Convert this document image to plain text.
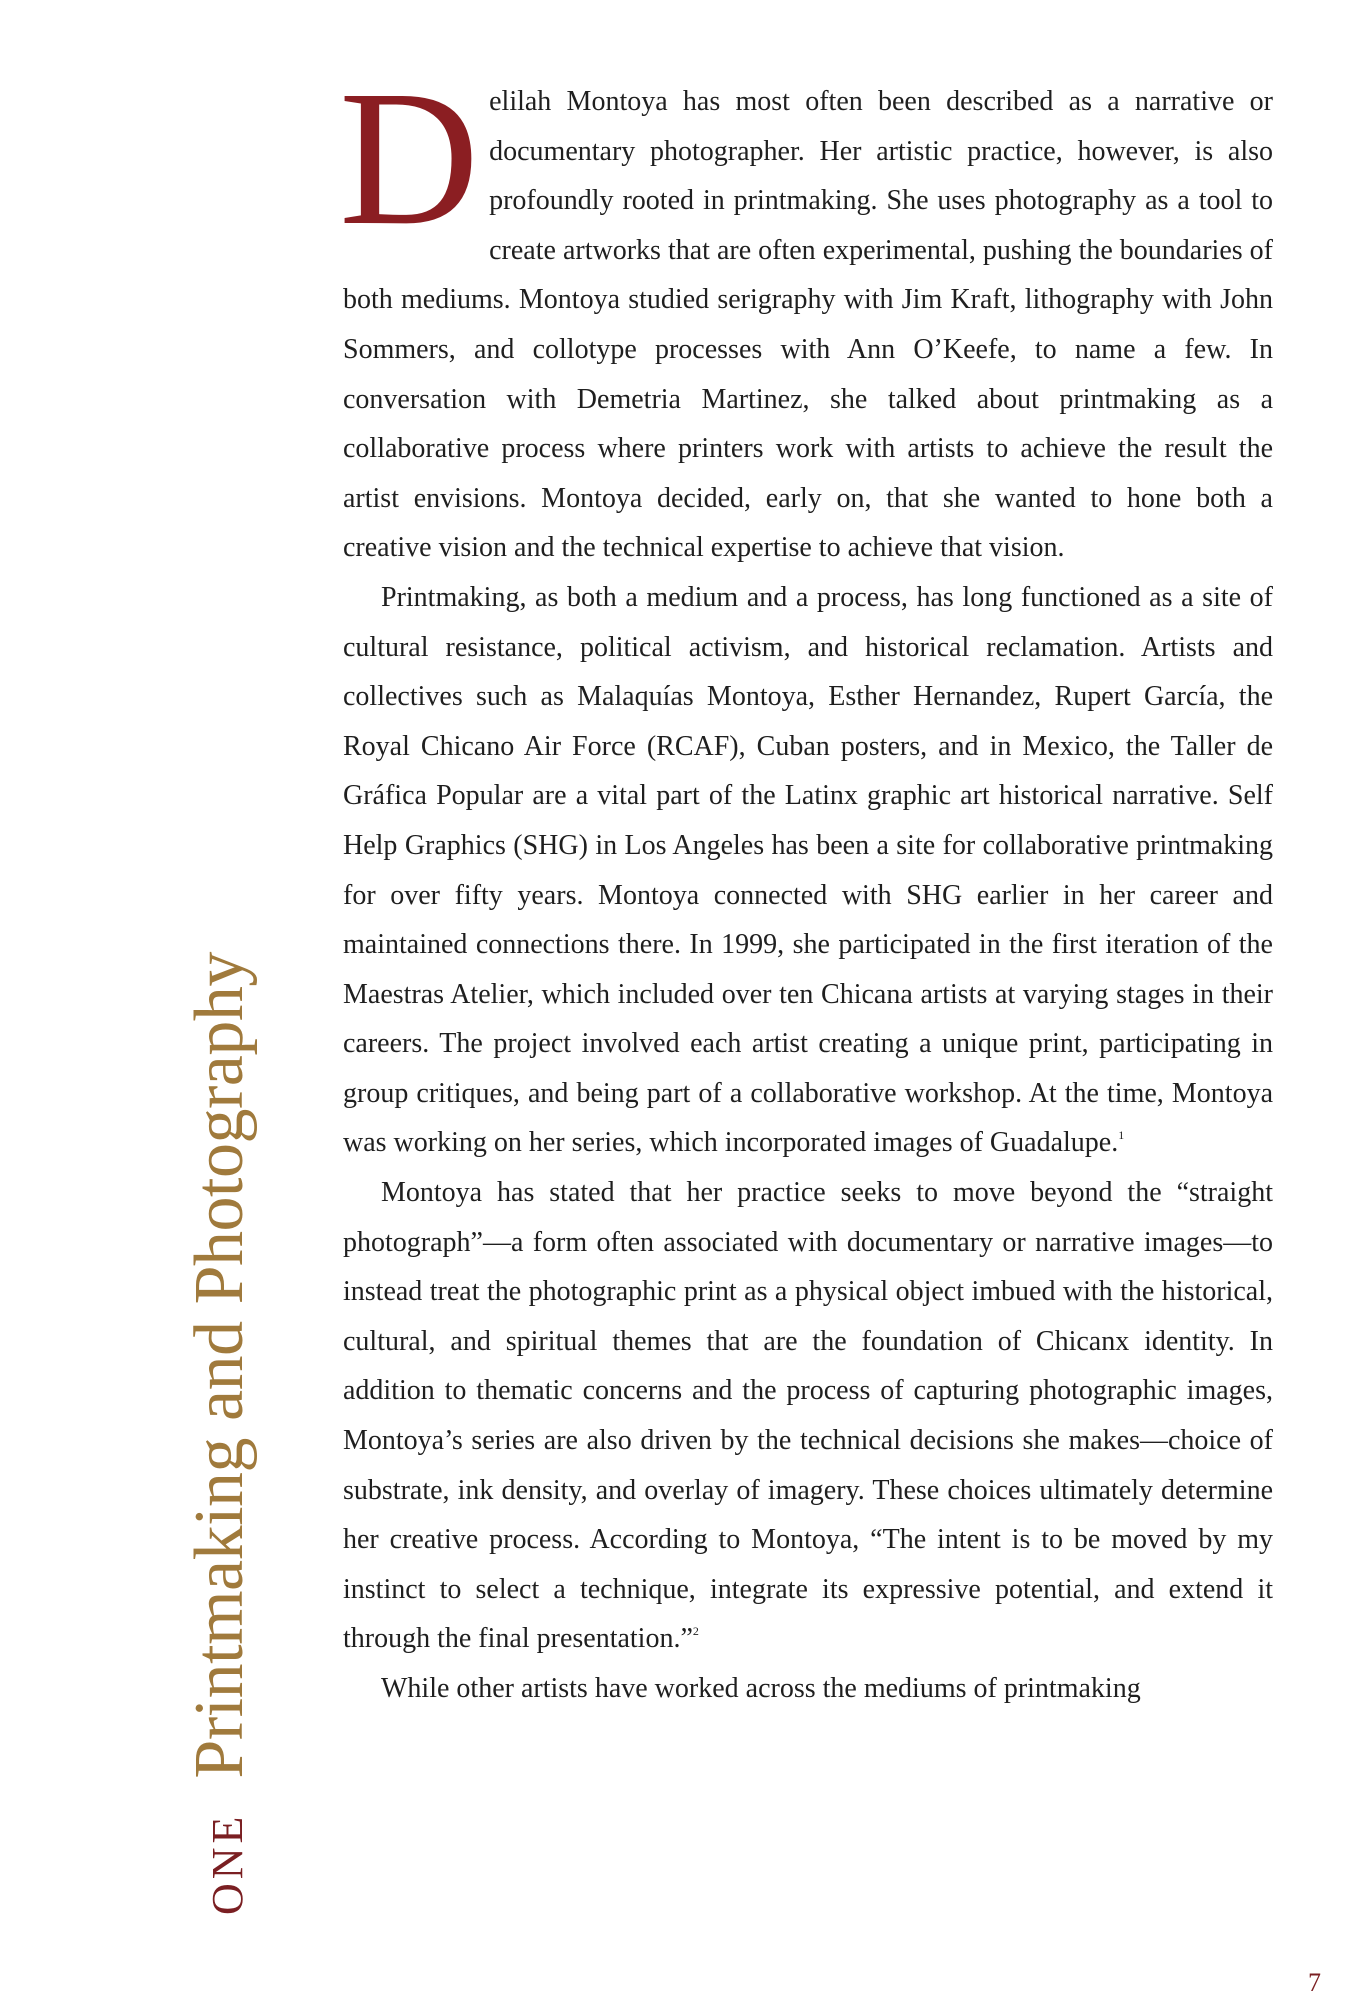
ONE
Printmaking and Photography

Delilah Montoya has most often been described as a narrative or documentary photographer. Her artistic practice, however, is also profoundly rooted in printmaking. She uses photography as a tool to create artworks that are often experimental, pushing the boundaries of both mediums. Montoya studied serigraphy with Jim Kraft, lithography with John Sommers, and collotype processes with Ann O’Keefe, to name a few. In conversation with Demetria Martinez, she talked about printmaking as a collaborative process where printers work with artists to achieve the result the artist envisions. Montoya decided, early on, that she wanted to hone both a creative vision and the technical expertise to achieve that vision.

Printmaking, as both a medium and a process, has long functioned as a site of cultural resistance, political activism, and historical reclamation. Artists and collectives such as Malaquías Montoya, Esther Hernandez, Rupert García, the Royal Chicano Air Force (RCAF), Cuban posters, and in Mexico, the Taller de Gráfica Popular are a vital part of the Latinx graphic art historical narrative. Self Help Graphics (SHG) in Los Angeles has been a site for collaborative printmaking for over fifty years. Montoya connected with SHG earlier in her career and maintained connections there. In 1999, she participated in the first iteration of the Maestras Atelier, which included over ten Chicana artists at varying stages in their careers. The project involved each artist creating a unique print, participating in group critiques, and being part of a collaborative workshop. At the time, Montoya was working on her series, which incorporated images of Guadalupe.$^1$

Montoya has stated that her practice seeks to move beyond the “straight photograph”—a form often associated with documentary or narrative images—to instead treat the photographic print as a physical object imbued with the historical, cultural, and spiritual themes that are the foundation of Chicanx identity. In addition to thematic concerns and the process of capturing photographic images, Montoya’s series are also driven by the technical decisions she makes—choice of substrate, ink density, and overlay of imagery. These choices ultimately determine her creative process. According to Montoya, “The intent is to be moved by my instinct to select a technique, integrate its expressive potential, and extend it through the final presentation.”$^2$

While other artists have worked across the mediums of printmaking

7
